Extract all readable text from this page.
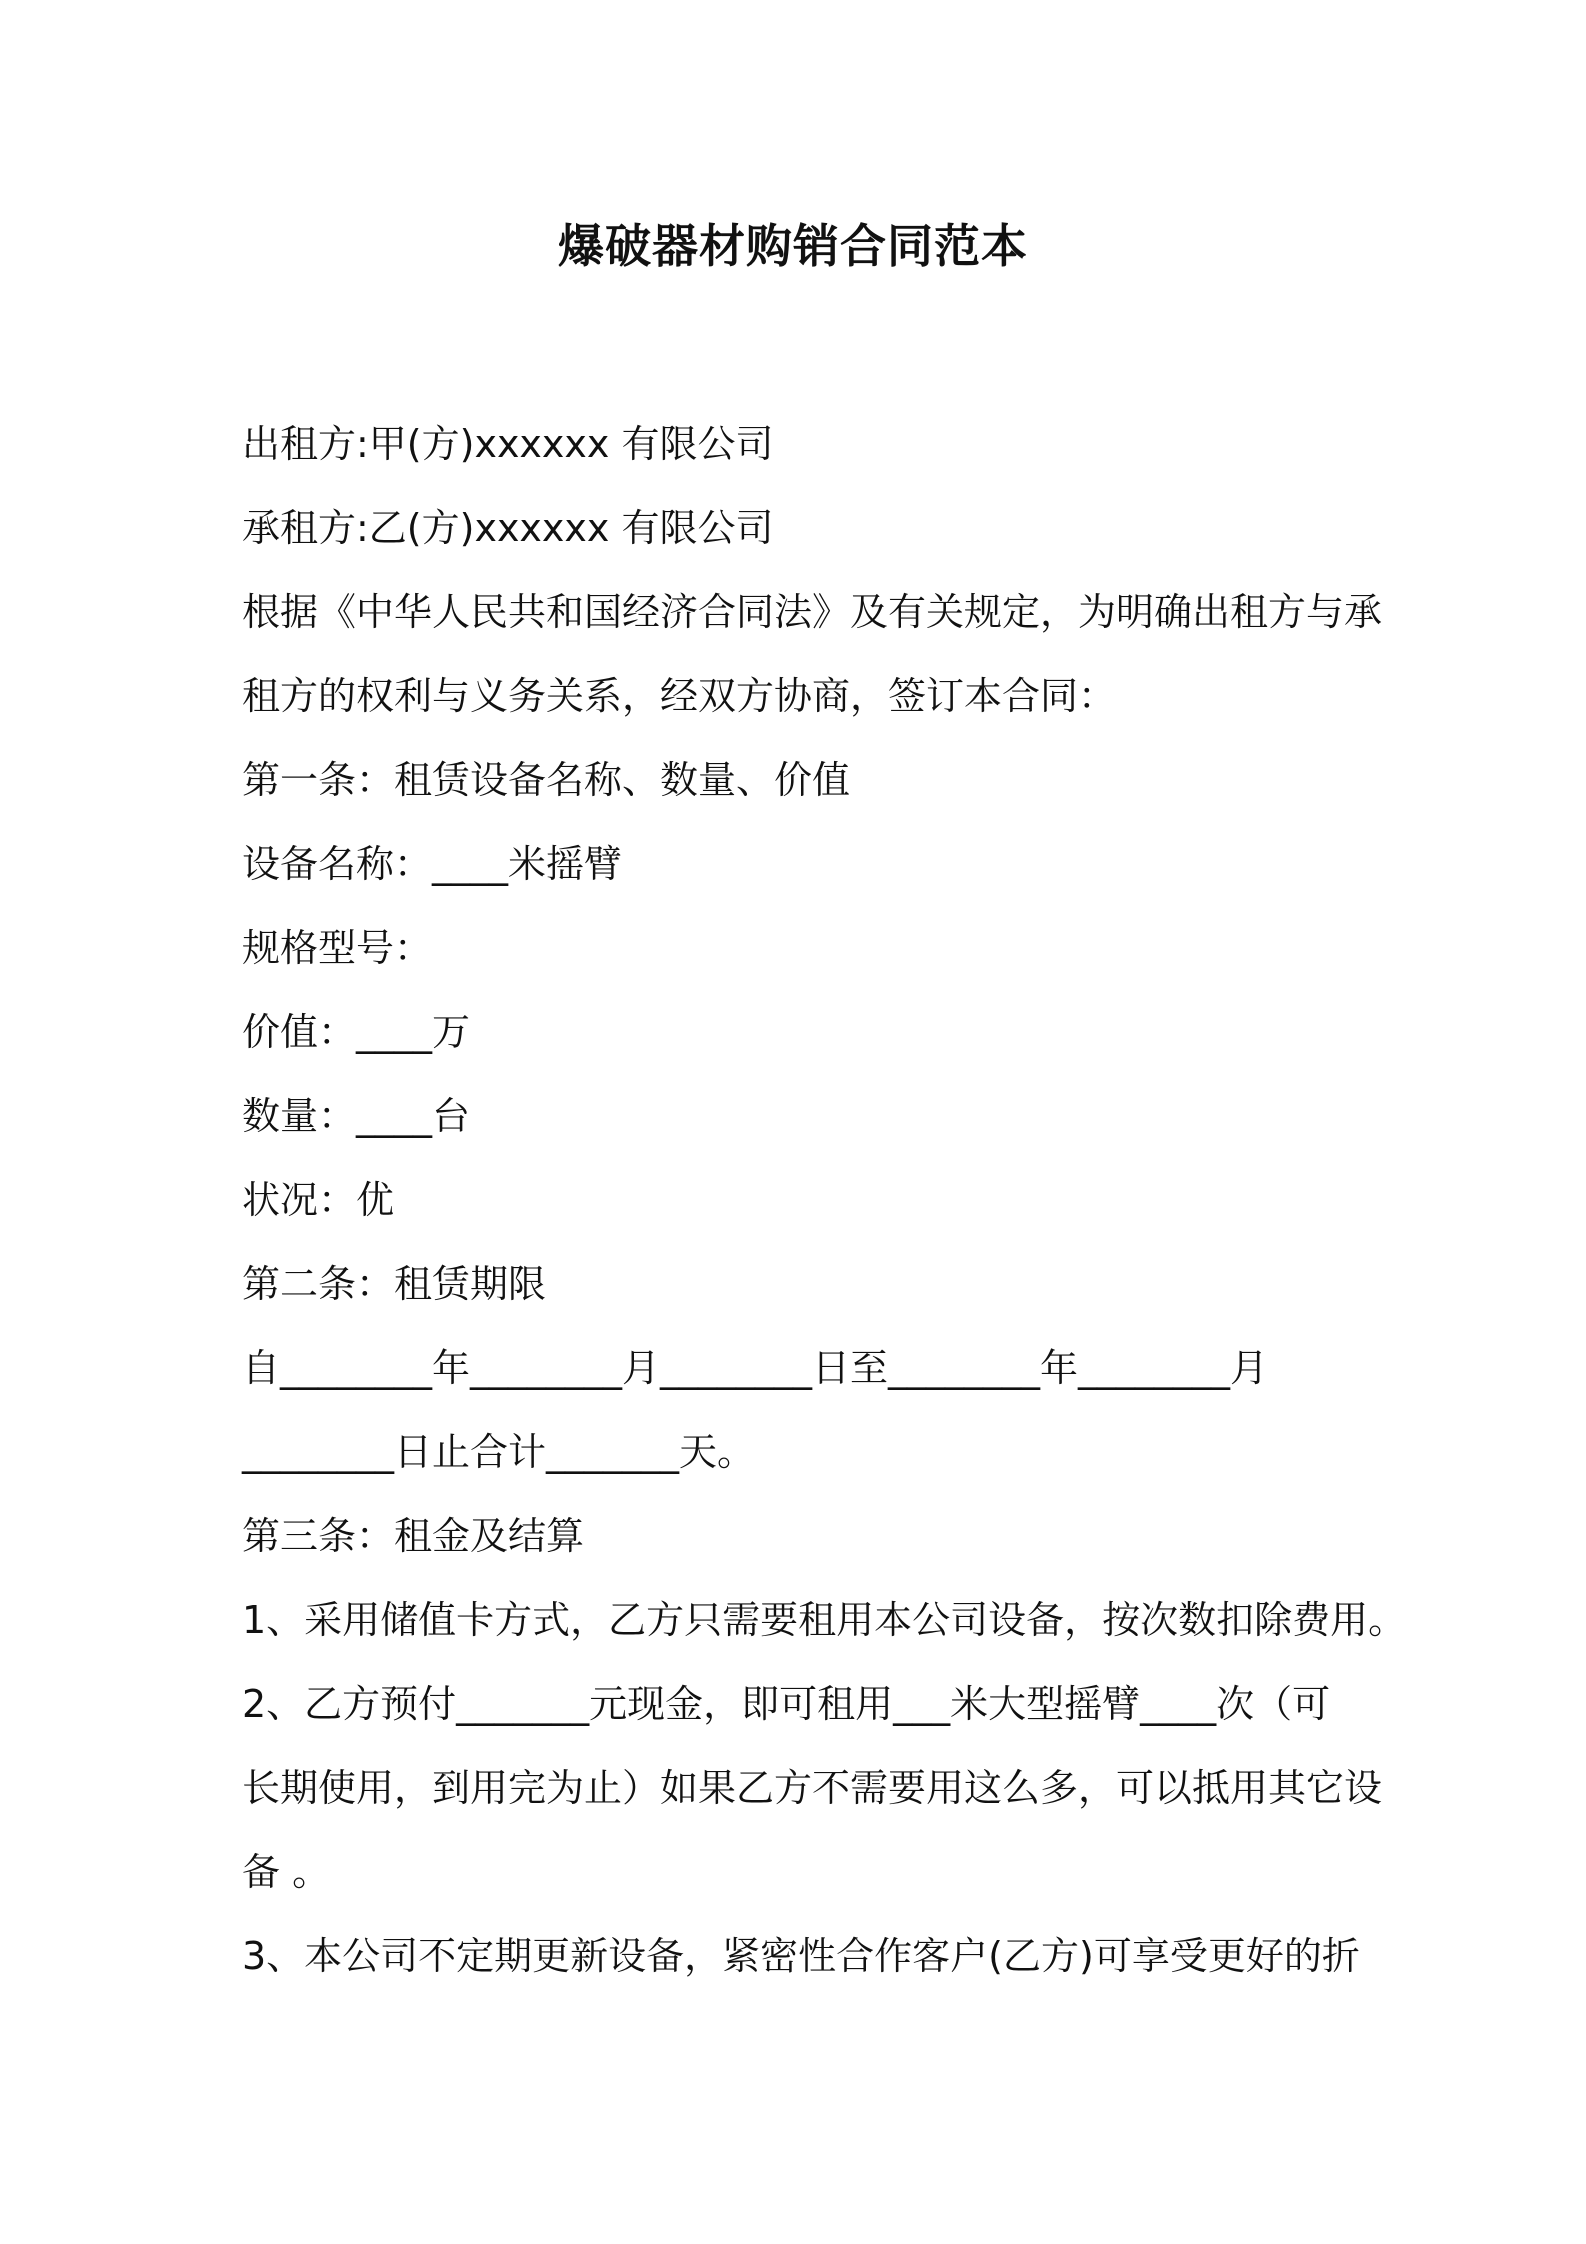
爆破器材购销合同范本

出租方:甲(方)xxxxxx 有限公司

承租方:乙(方)xxxxxx 有限公司

根据《中华人民共和国经济合同法》及有关规定，为明确出租方与承

租方的权利与义务关系，经双方协商，签订本合同：

第一条：租赁设备名称、数量、价值

设备名称：____米摇臂

规格型号：

价值：____万

数量：____台

状况：优

第二条：租赁期限

自________年________月________日至________年________月

________日止合计_______天。

第三条：租金及结算

1、采用储值卡方式，乙方只需要租用本公司设备，按次数扣除费用。

2、乙方预付_______元现金，即可租用___米大型摇臂____次（可

长期使用，到用完为止）如果乙方不需要用这么多，可以抵用其它设

备 。

3、本公司不定期更新设备，紧密性合作客户(乙方)可享受更好的折
